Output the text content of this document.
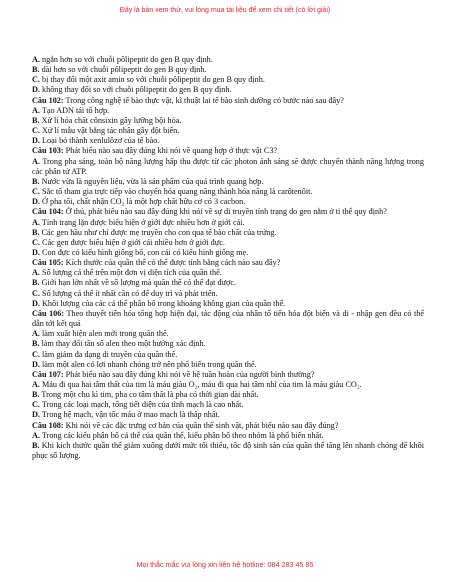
Đây là bản xem thử, vui lòng mua tài liệu để xem chi tiết (có lời giải)
A. ngắn hơn so với chuỗi pôlipeptit do gen B quy định.
B. dài hơn so với chuỗi pôlipeptit do gen B quy định.
C. bị thay đổi một axit amin so với chuỗi pôlipeptit do gen B quy định.
D. không thay đổi so với chuỗi pôlipeptit do gen B quy định.
Câu 102: Trong công nghệ tế bào thực vật, kĩ thuật lai tế bào sinh dưỡng có bước nào sau đây?
A. Tạo ADN tái tổ hợp.
B. Xử lí hóa chất cônsixin gây lưỡng bội hóa.
C. Xử lí mẫu vật bằng tác nhân gây đột biến.
D. Loại bỏ thành xenlulôzơ của tế bào.
Câu 103: Phát biểu nào sau đây đúng khi nói về quang hợp ở thực vật C3?
A. Trong pha sáng, toàn bộ năng lượng hấp thu được từ các photon ánh sáng sẽ được chuyển thành năng lượng trong các phân tử ATP.
B. Nước vừa là nguyên liệu, vừa là sản phẩm của quá trình quang hợp.
C. Sắc tố tham gia trực tiếp vào chuyển hóa quang năng thành hóa năng là carôtenôit.
D. Ở pha tối, chất nhận CO₂ là một hợp chất hữu cơ có 3 cacbon.
Câu 104: Ở thú, phát biểu nào sau đây đúng khi nói về sự di truyền tính trạng do gen nằm ở ti thể quy định?
A. Tính trạng lặn được biểu hiện ở giới đực nhiều hơn ở giới cái.
B. Các gen hầu như chỉ được mẹ truyền cho con qua tế bào chất của trứng.
C. Các gen được biểu hiện ở giới cái nhiều hơn ở giới đực.
D. Con đực có kiểu hình giống bố, con cái có kiểu hình giống mẹ.
Câu 105: Kích thước của quần thể có thể được tính bằng cách nào sau đây?
A. Số lượng cá thể trên một đơn vị diện tích của quần thể.
B. Giới hạn lớn nhất về số lượng mà quần thể có thể đạt được.
C. Số lượng cá thể ít nhất cần có để duy trì và phát triển.
D. Khối lượng của các cá thể phân bố trong khoảng không gian của quần thể.
Câu 106: Theo thuyết tiến hóa tổng hợp hiện đại, tác động của nhân tố tiến hóa đột biến và di - nhập gen đều có thể dẫn tới kết quả
A. làm xuất hiện alen mới trong quần thể.
B. làm thay đổi tần số alen theo một hướng xác định.
C. làm giảm đa dạng di truyền của quần thể.
D. làm một alen có lợi nhanh chóng trở nên phổ biến trong quần thể.
Câu 107: Phát biểu nào sau đây đúng khi nói về hệ tuần hoàn của người bình thường?
A. Máu đi qua hai tâm thất của tim là máu giàu O₂, máu đi qua hai tâm nhĩ của tim là máu giàu CO₂.
B. Trong một chu kì tim, pha co tâm thất là pha có thời gian dài nhất.
C. Trong các loại mạch, tổng tiết diện của tĩnh mạch là cao nhất.
D. Trong hệ mạch, vận tốc máu ở mao mạch là thấp nhất.
Câu 108: Khi nói về các đặc trưng cơ bản của quần thể sinh vật, phát biểu nào sau đây đúng?
A. Trong các kiểu phân bố cá thể của quần thể, kiểu phân bố theo nhóm là phổ biến nhất.
B. Khi kích thước quần thể giảm xuống dưới mức tối thiểu, tốc độ sinh sản của quần thể tăng lên nhanh chóng để khôi phục số lượng.
Mọi thắc mắc vui lòng xin liên hệ hotline: 084 283 45 85
